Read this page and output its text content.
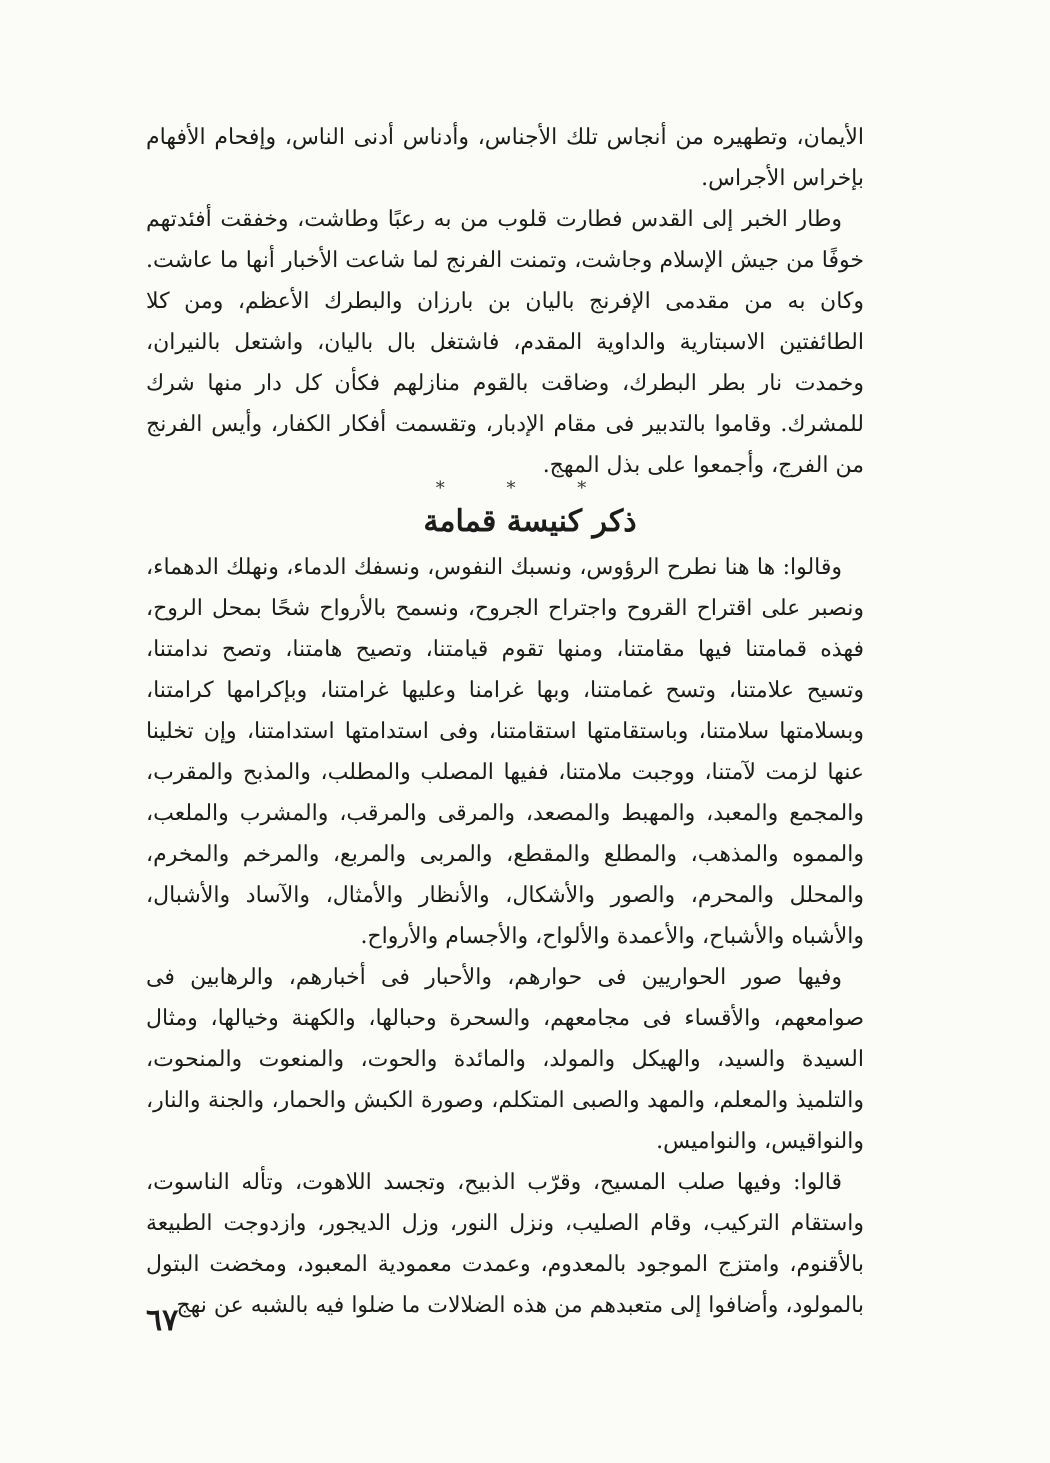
الأيمان، وتطهيره من أنجاس تلك الأجناس، وأدناس أدنى الناس، وإفحام الأفهام بإخراس الأجراس.

وطار الخبر إلى القدس فطارت قلوب من به رعبًا وطاشت، وخفقت أفئدتهم خوفًا من جيش الإسلام وجاشت، وتمنت الفرنج لما شاعت الأخبار أنها ما عاشت. وكان به من مقدمى الإفرنج باليان بن بارزان والبطرك الأعظم، ومن كلا الطائفتين الاسبتارية والداوية المقدم، فاشتغل بال باليان، واشتعل بالنيران، وخمدت نار بطر البطرك، وضاقت بالقوم منازلهم فكأن كل دار منها شرك للمشرك. وقاموا بالتدبير فى مقام الإدبار، وتقسمت أفكار الكفار، وأيس الفرنج من الفرج، وأجمعوا على بذل المهج.

* * *
ذكر كنيسة قمامة

وقالوا: ها هنا نطرح الرؤوس، ونسبك النفوس، ونسفك الدماء، ونهلك الدهماء، ونصبر على اقتراح القروح واجتراح الجروح، ونسمح بالأرواح شحًا بمحل الروح، فهذه قمامتنا فيها مقامتنا، ومنها تقوم قيامتنا، وتصيح هامتنا، وتصح ندامتنا، وتسيح علامتنا، وتسح غمامتنا، وبها غرامنا وعليها غرامتنا، وبإكرامها كرامتنا، وبسلامتها سلامتنا، وباستقامتها استقامتنا، وفى استدامتها استدامتنا، وإن تخلينا عنها لزمت لآمتنا، ووجبت ملامتنا، ففيها المصلب والمطلب، والمذبح والمقرب، والمجمع والمعبد، والمهبط والمصعد، والمرقى والمرقب، والمشرب والملعب، والمموه والمذهب، والمطلع والمقطع، والمربى والمربع، والمرخم والمخرم، والمحلل والمحرم، والصور والأشكال، والأنظار والأمثال، والآساد والأشبال، والأشباه والأشباح، والأعمدة والألواح، والأجسام والأرواح.

وفيها صور الحواريين فى حوارهم، والأحبار فى أخبارهم، والرهابين فى صوامعهم، والأقساء فى مجامعهم، والسحرة وحبالها، والكهنة وخيالها، ومثال السيدة والسيد، والهيكل والمولد، والمائدة والحوت، والمنعوت والمنحوت، والتلميذ والمعلم، والمهد والصبى المتكلم، وصورة الكبش والحمار، والجنة والنار، والنواقيس، والنواميس.

قالوا: وفيها صلب المسيح، وقرّب الذبيح، وتجسد اللاهوت، وتأله الناسوت، واستقام التركيب، وقام الصليب، ونزل النور، وزل الديجور، وازدوجت الطبيعة بالأقنوم، وامتزج الموجود بالمعدوم، وعمدت معمودية المعبود، ومخضت البتول بالمولود، وأضافوا إلى متعبدهم من هذه الضلالات ما ضلوا فيه بالشبه عن نهج

٦٧
